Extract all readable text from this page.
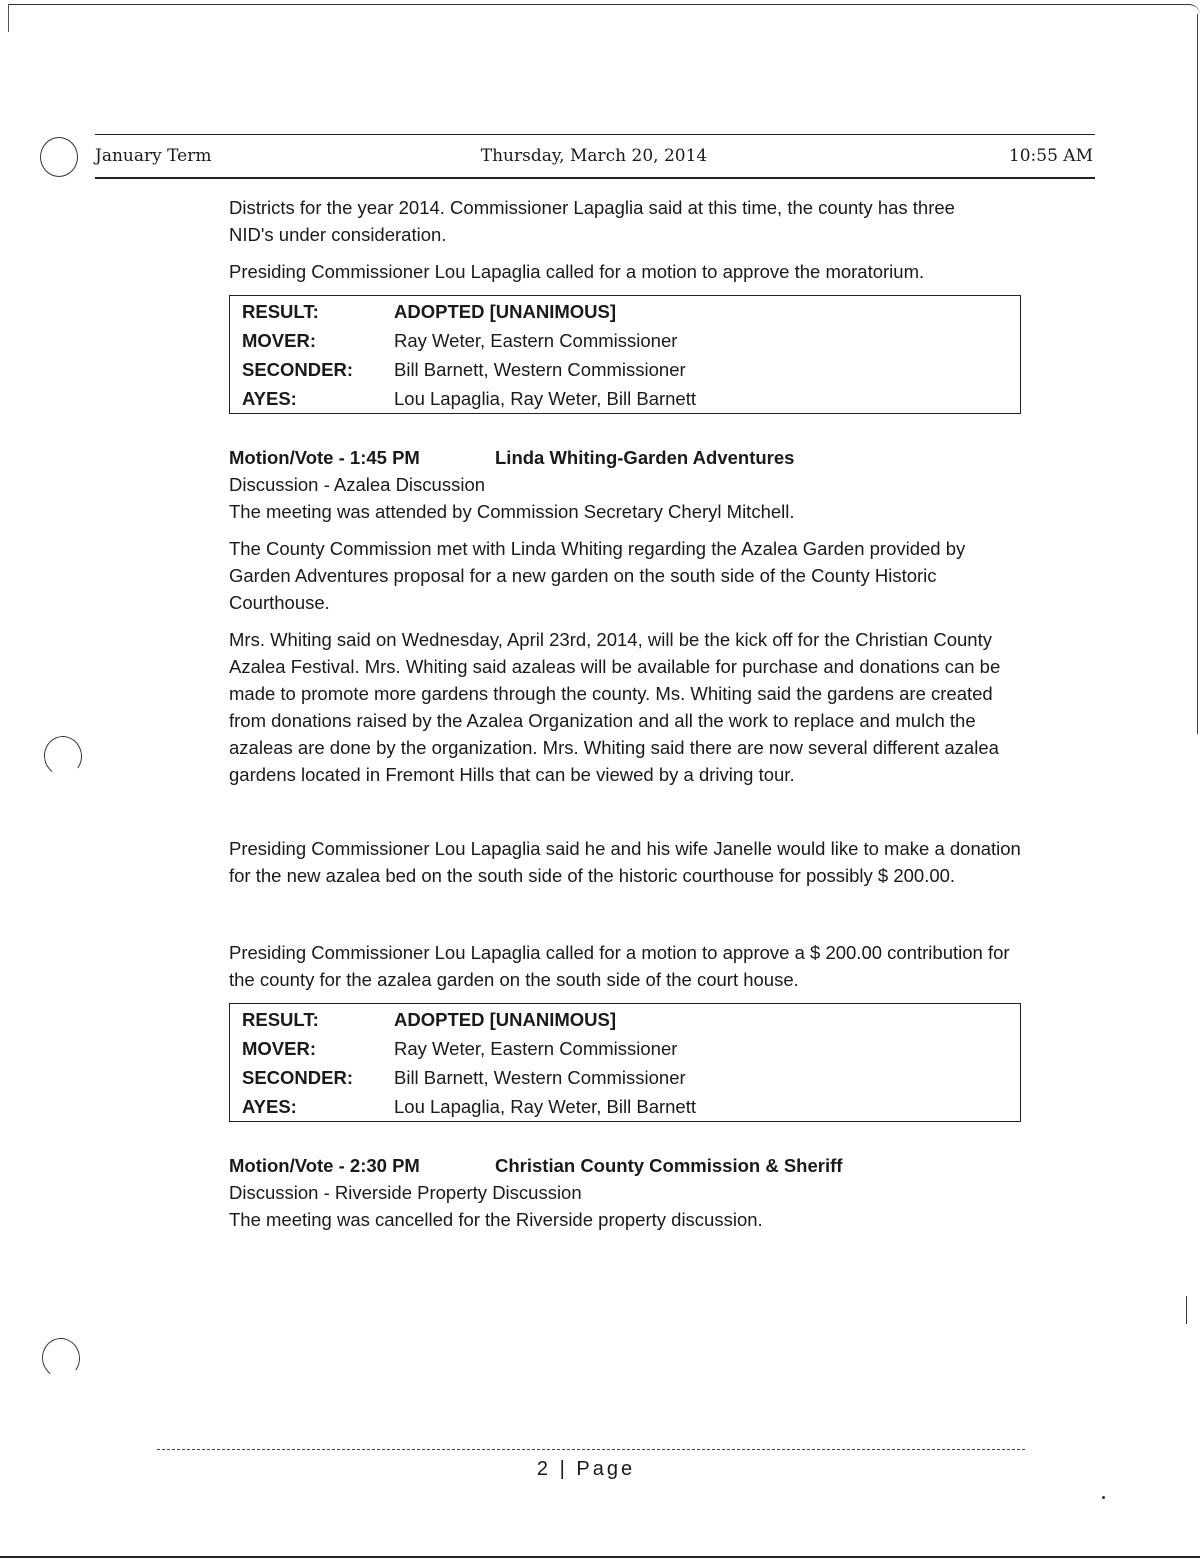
January Term	Thursday, March 20, 2014	10:55 AM

Districts for the year 2014. Commissioner Lapaglia said at this time, the county has three

NID's under consideration.

Presiding Commissioner Lou Lapaglia called for a motion to approve the moratorium.

RESULT:	ADOPTED [UNANIMOUS]
MOVER:	Ray Weter, Eastern Commissioner
SECONDER:	Bill Barnett, Western Commissioner
AYES:	Lou Lapaglia, Ray Weter, Bill Barnett

Motion/Vote - 1:45 PM	Linda Whiting-Garden Adventures

Discussion - Azalea Discussion

The meeting was attended by Commission Secretary Cheryl Mitchell.

The County Commission met with Linda Whiting regarding the Azalea Garden provided by Garden Adventures proposal for a new garden on the south side of the County Historic Courthouse.

Mrs. Whiting said on Wednesday, April 23rd, 2014, will be the kick off for the Christian County Azalea Festival. Mrs. Whiting said azaleas will be available for purchase and donations can be made to promote more gardens through the county. Ms. Whiting said the gardens are created from donations raised by the Azalea Organization and all the work to replace and mulch the azaleas are done by the organization. Mrs. Whiting said there are now several different azalea gardens located in Fremont Hills that can be viewed by a driving tour.

Presiding Commissioner Lou Lapaglia said he and his wife Janelle would like to make a donation for the new azalea bed on the south side of the historic courthouse for possibly $ 200.00.

Presiding Commissioner Lou Lapaglia called for a motion to approve a $ 200.00 contribution for the county for the azalea garden on the south side of the court house.

RESULT:	ADOPTED [UNANIMOUS]
MOVER:	Ray Weter, Eastern Commissioner
SECONDER:	Bill Barnett, Western Commissioner
AYES:	Lou Lapaglia, Ray Weter, Bill Barnett

Motion/Vote - 2:30 PM	Christian County Commission & Sheriff

Discussion - Riverside Property Discussion

The meeting was cancelled for the Riverside property discussion.

2 | Page
